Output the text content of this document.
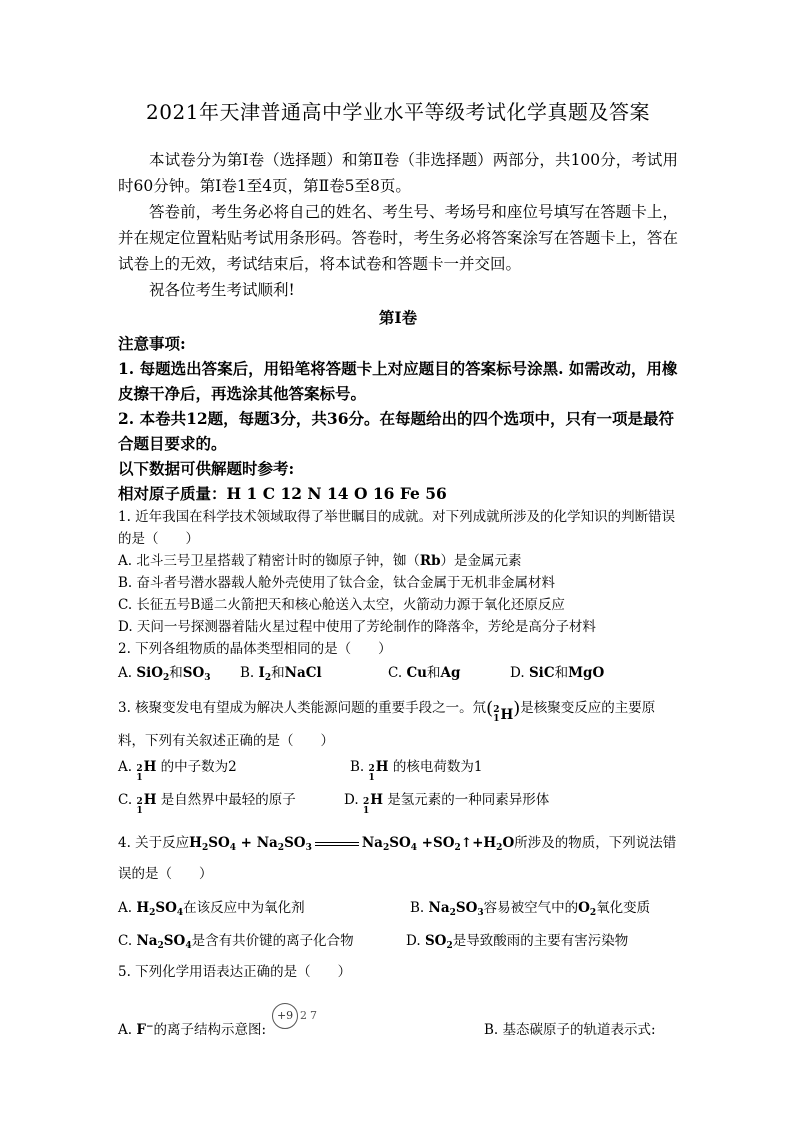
2021年天津普通高中学业水平等级考试化学真题及答案

本试卷分为第Ⅰ卷（选择题）和第Ⅱ卷（非选择题）两部分，共100分，考试用时60分钟。第Ⅰ卷1至4页，第Ⅱ卷5至8页。

答卷前，考生务必将自己的姓名、考生号、考场号和座位号填写在答题卡上，并在规定位置粘贴考试用条形码。答卷时，考生务必将答案涂写在答题卡上，答在试卷上的无效，考试结束后，将本试卷和答题卡一并交回。

祝各位考生考试顺利!

第Ⅰ卷
注意事项:
1. 每题选出答案后，用铅笔将答题卡上对应题目的答案标号涂黑. 如需改动，用橡皮擦干净后，再选涂其他答案标号。
2. 本卷共12题，每题3分，共36分。在每题给出的四个选项中，只有一项是最符合题目要求的。
以下数据可供解题时参考:
相对原子质量：H 1 C 12 N 14 O 16 Fe 56
1. 近年我国在科学技术领域取得了举世瞩目的成就。对下列成就所涉及的化学知识的判断错误的是（　　）
A. 北斗三号卫星搭载了精密计时的铷原子钟，铷（Rb）是金属元素
B. 奋斗者号潜水器载人舱外壳使用了钛合金，钛合金属于无机非金属材料
C. 长征五号B遥二火箭把天和核心舱送入太空，火箭动力源于氧化还原反应
D. 天问一号探测器着陆火星过程中使用了芳纶制作的降落伞，芳纶是高分子材料
2. 下列各组物质的晶体类型相同的是（　　）
A. SiO$_2$和$SO_3$	B. $I_2$和NaCl	C. Cu和Ag	D. SiC和MgO
3. 核聚变发电有望成为解决人类能源问题的重要手段之一。氘( 2
1 H)是核聚变反应的主要原料，下列有关叙述正确的是（　　）
A. 2
1
H 的中子数为2	B. 2
1
H 的核电荷数为1
C. 2
1
H 是自然界中最轻的原子	D. 2
1
H 是氢元素的一种同素异形体
4. 关于反应$H_2SO_4 + Na_2SO_3$	$Na_2SO_4$ $+SO_2↑+H_2O$所涉及的物质，下列说法错误的是（　　）
A. $H_2SO_4$在该反应中为氧化剂	B. $Na_2SO_3$容易被空气中的$O_2$氧化变质
C. $Na_2SO_4$是含有共价键的离子化合物	D. $SO_2$是导致酸雨的主要有害污染物
5. 下列化学用语表达正确的是（　　）
A. F−的离子结构示意图:
+9 2 7
B. 基态碳原子的轨道表示式:
